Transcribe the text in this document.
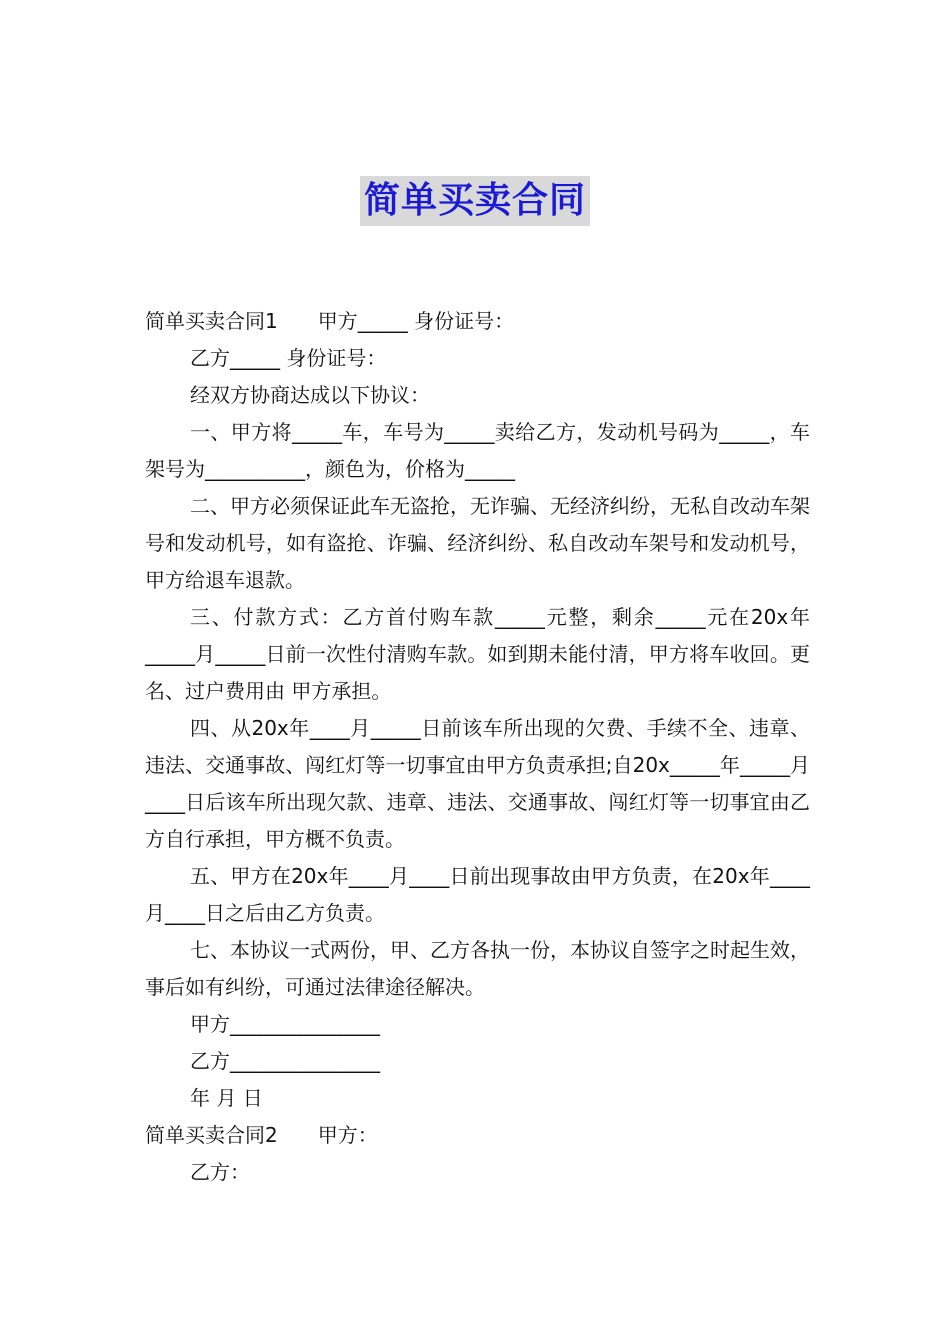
简单买卖合同

简单买卖合同1　　甲方_____ 身份证号：

乙方_____ 身份证号：

经双方协商达成以下协议：

一、甲方将_____车，车号为_____卖给乙方，发动机号码为_____，车架号为__________，颜色为，价格为_____

二、甲方必须保证此车无盗抢，无诈骗、无经济纠纷，无私自改动车架号和发动机号，如有盗抢、诈骗、经济纠纷、私自改动车架号和发动机号，甲方给退车退款。

三、付款方式：乙方首付购车款_____元整，剩余_____元在20x年_____月_____日前一次性付清购车款。如到期未能付清，甲方将车收回。更名、过户费用由 甲方承担。

四、从20x年____月_____日前该车所出现的欠费、手续不全、违章、违法、交通事故、闯红灯等一切事宜由甲方负责承担;自20x_____年_____月____日后该车所出现欠款、违章、违法、交通事故、闯红灯等一切事宜由乙方自行承担，甲方概不负责。

五、甲方在20x年____月____日前出现事故由甲方负责，在20x年____月____日之后由乙方负责。

七、本协议一式两份，甲、乙方各执一份，本协议自签字之时起生效，事后如有纠纷，可通过法律途径解决。

甲方_______________

乙方_______________

年 月 日

简单买卖合同2　　甲方：

乙方：
